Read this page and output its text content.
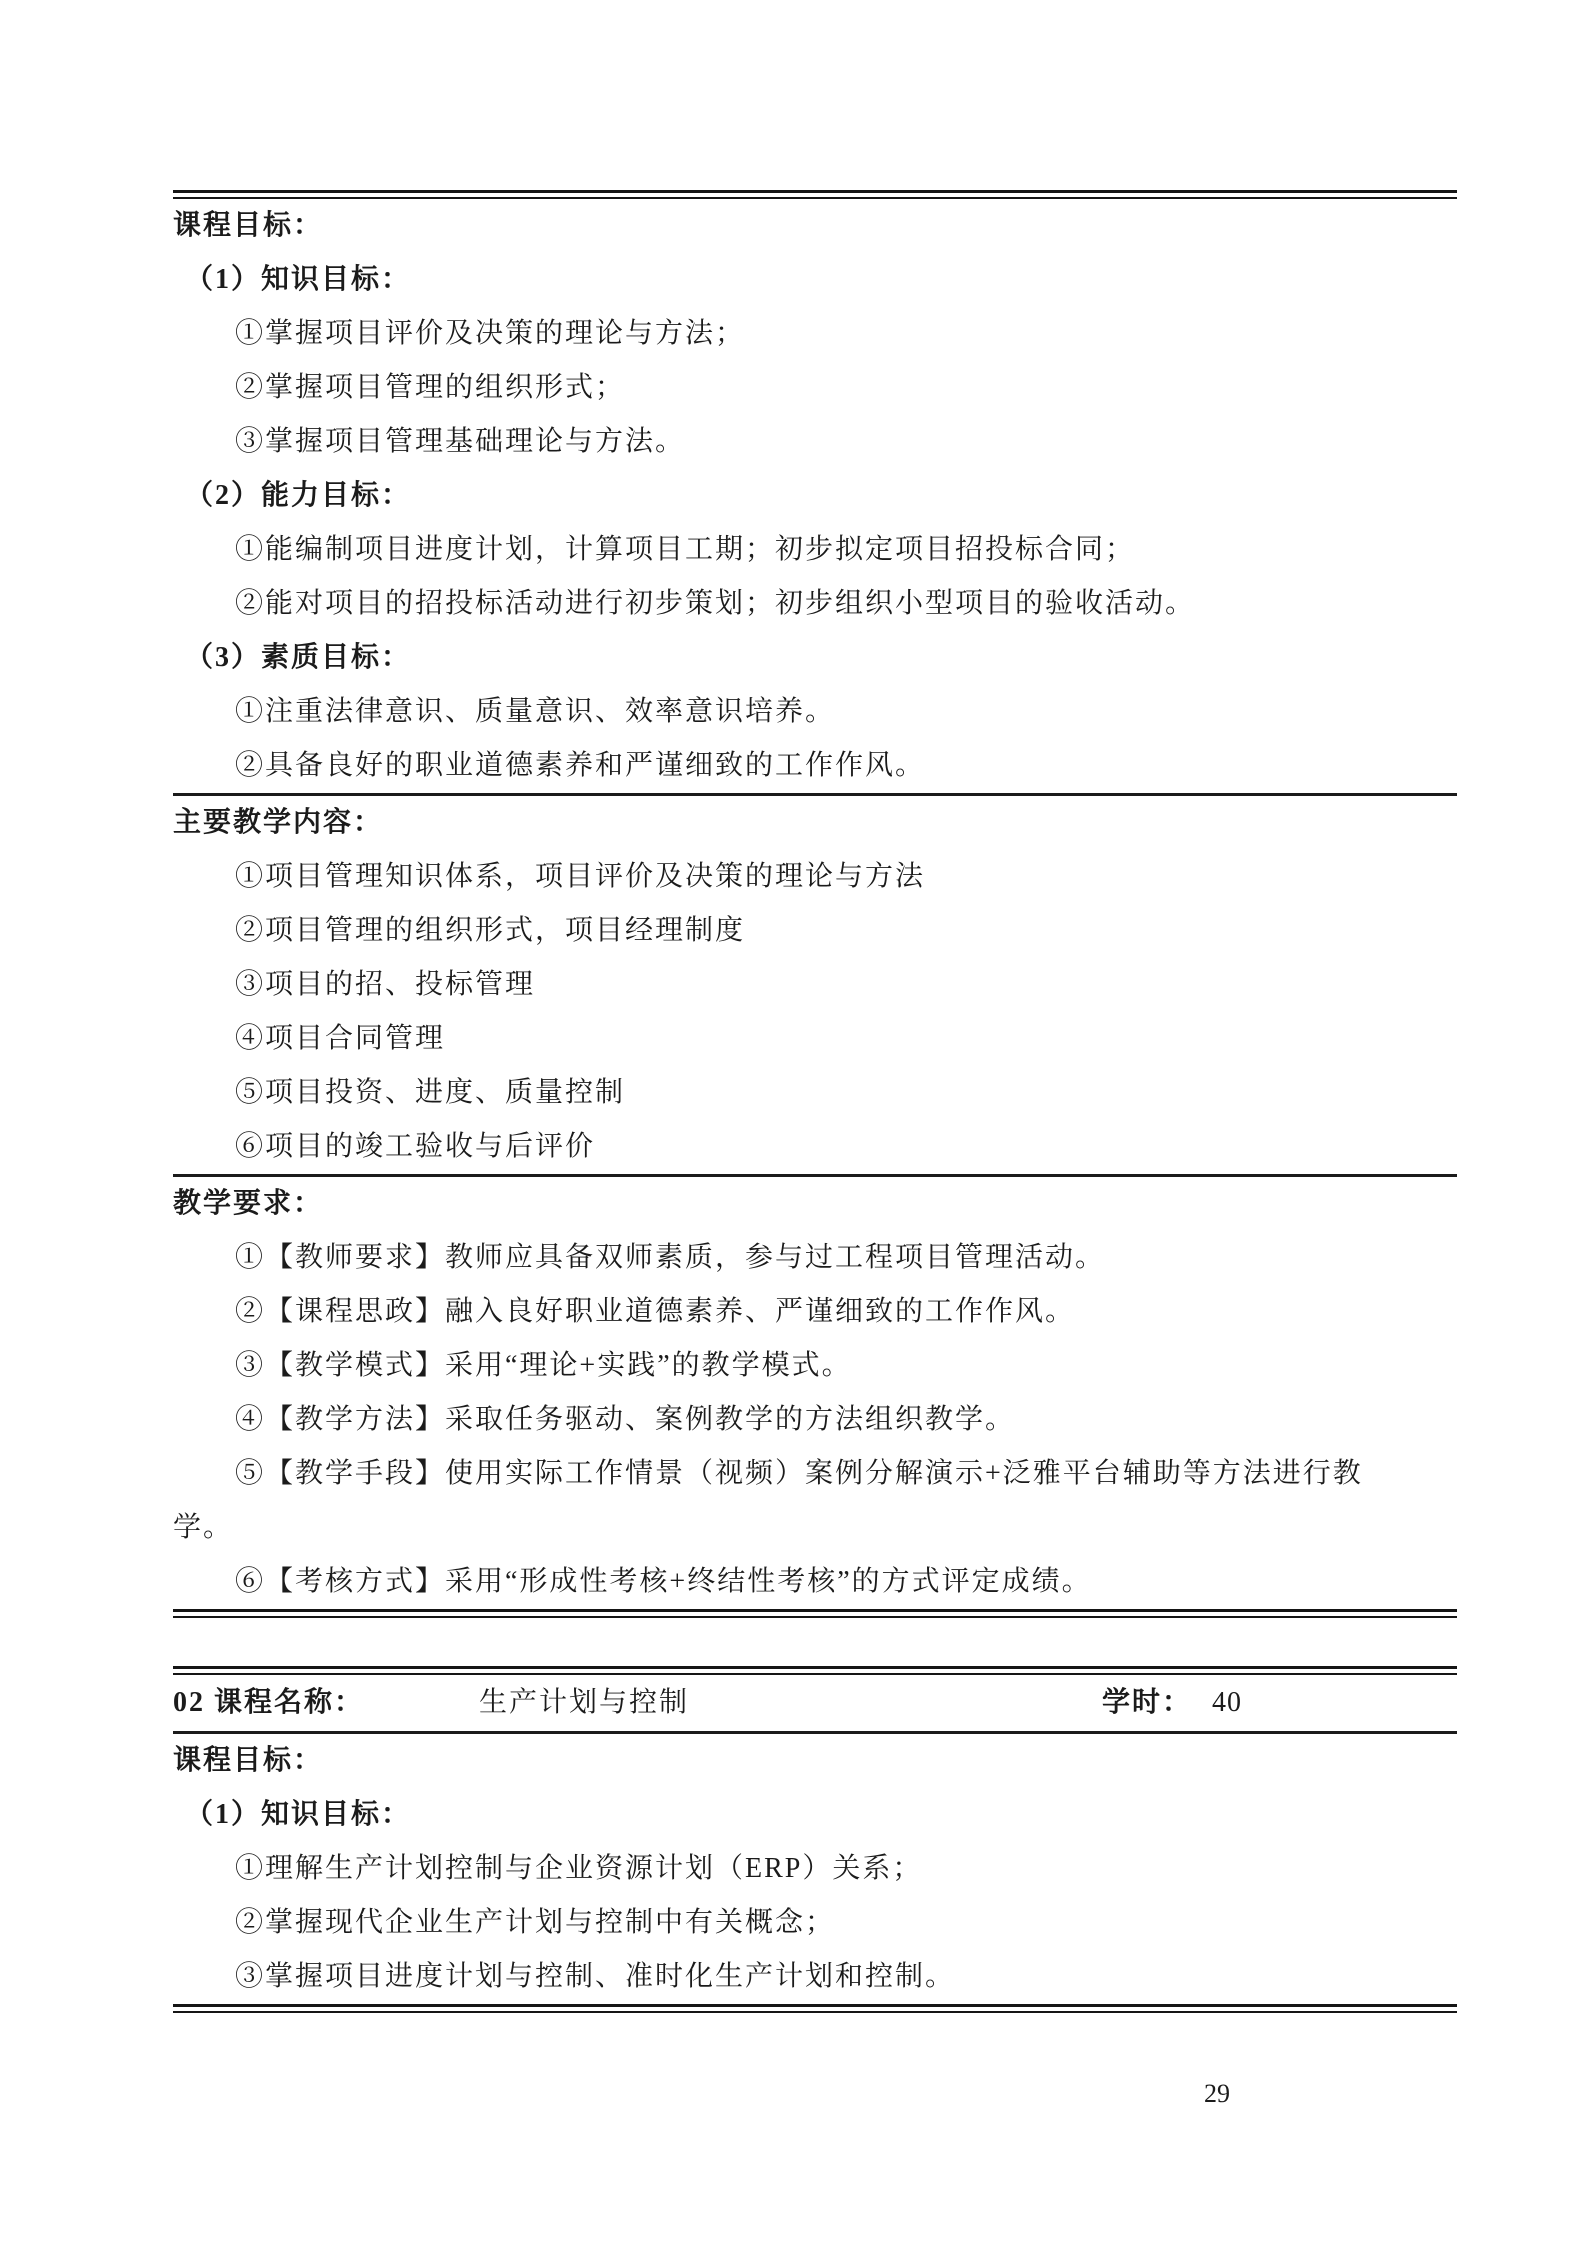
课程目标：

（1）知识目标：

①掌握项目评价及决策的理论与方法；

②掌握项目管理的组织形式；

③掌握项目管理基础理论与方法。

（2）能力目标：

①能编制项目进度计划，计算项目工期；初步拟定项目招投标合同；

②能对项目的招投标活动进行初步策划；初步组织小型项目的验收活动。

（3）素质目标：

①注重法律意识、质量意识、效率意识培养。

②具备良好的职业道德素养和严谨细致的工作作风。

主要教学内容：

①项目管理知识体系，项目评价及决策的理论与方法

②项目管理的组织形式，项目经理制度

③项目的招、投标管理

④项目合同管理

⑤项目投资、进度、质量控制

⑥项目的竣工验收与后评价

教学要求：

①【教师要求】教师应具备双师素质，参与过工程项目管理活动。

②【课程思政】融入良好职业道德素养、严谨细致的工作作风。

③【教学模式】采用“理论+实践”的教学模式。

④【教学方法】采取任务驱动、案例教学的方法组织教学。

⑤【教学手段】使用实际工作情景（视频）案例分解演示+泛雅平台辅助等方法进行教学。

⑥【考核方式】采用“形成性考核+终结性考核”的方式评定成绩。

02 课程名称：	生产计划与控制	学时： 40

课程目标：

（1）知识目标：

①理解生产计划控制与企业资源计划（ERP）关系；

②掌握现代企业生产计划与控制中有关概念；

③掌握项目进度计划与控制、准时化生产计划和控制。

29
